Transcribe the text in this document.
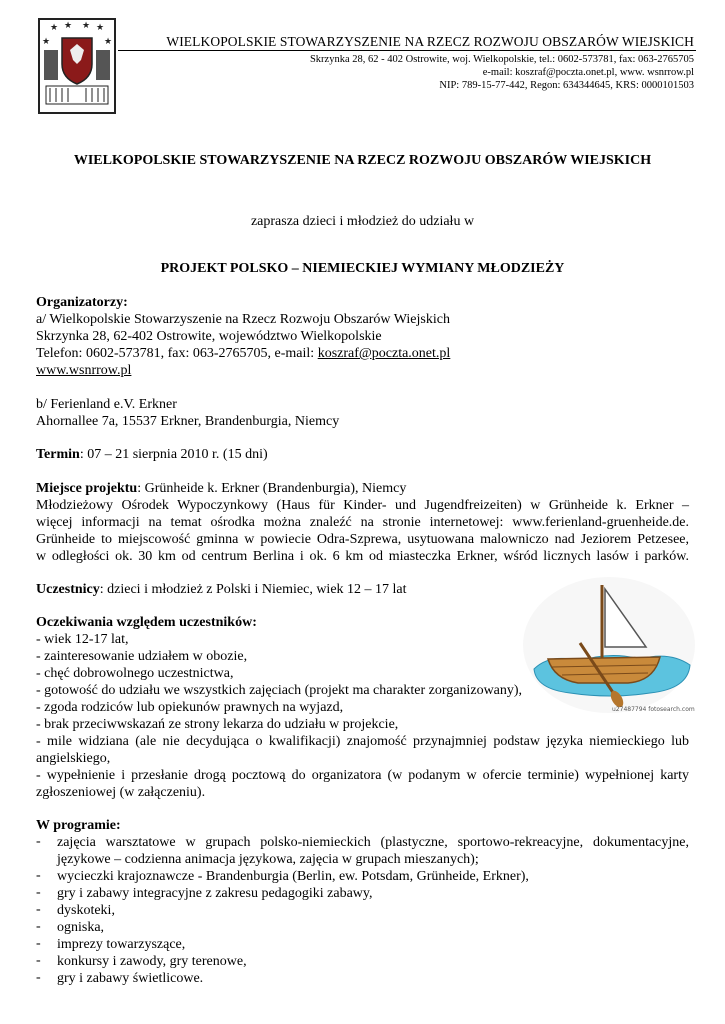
★ ★ ★ ★
★	★	WIELKOPOLSKIE STOWARZYSZENIE NA RZECZ ROZWOJU OBSZARÓW WIEJSKICH
Skrzynka 28, 62 - 402 Ostrowite, woj. Wielkopolskie, tel.: 0602-573781, fax: 063-2765705
e-mail: koszraf@poczta.onet.pl, www. wsnrrow.pl
NIP: 789-15-77-442, Regon: 634344645, KRS: 0000101503
WIELKOPOLSKIE STOWARZYSZENIE NA RZECZ ROZWOJU OBSZARÓW WIEJSKICH
zaprasza dzieci i młodzież do udziału w
PROJEKT POLSKO – NIEMIECKIEJ WYMIANY MŁODZIEŻY
Organizatorzy:
a/ Wielkopolskie Stowarzyszenie na Rzecz Rozwoju Obszarów Wiejskich
Skrzynka 28, 62-402 Ostrowite, województwo Wielkopolskie
Telefon: 0602-573781, fax: 063-2765705, e-mail: koszraf@poczta.onet.pl
www.wsnrrow.pl
b/ Ferienland e.V. Erkner
Ahornallee 7a, 15537 Erkner, Brandenburgia, Niemcy
Termin: 07 – 21 sierpnia 2010 r. (15 dni)
Miejsce projektu: Grünheide k. Erkner (Brandenburgia), Niemcy
Młodzieżowy Ośrodek Wypoczynkowy (Haus für Kinder- und Jugendfreizeiten) w Grünheide k. Erkner –
więcej informacji na temat ośrodka można znaleźć na stronie internetowej: www.ferienland-gruenheide.de.
Grünheide to miejscowość gminna w powiecie Odra-Szprewa, usytuowana malowniczo nad Jeziorem Petzesee,
w odległości ok. 30 km od centrum Berlina i ok. 6 km od miasteczka Erkner, wśród licznych lasów i parków.
Uczestnicy: dzieci i młodzież z Polski i Niemiec, wiek 12 – 17 lat
Oczekiwania względem uczestników:
- wiek 12-17 lat,
- zainteresowanie udziałem w obozie,
- chęć dobrowolnego uczestnictwa,
- gotowość do udziału we wszystkich zajęciach (projekt ma charakter zorganizowany),
- zgoda rodziców lub opiekunów prawnych na wyjazd,
- brak przeciwwskazań ze strony lekarza do udziału w projekcie,
- mile widziana (ale nie decydująca o kwalifikacji) znajomość przynajmniej podstaw języka niemieckiego lub
angielskiego,
- wypełnienie i przesłanie drogą pocztową do organizatora (w podanym w ofercie terminie) wypełnionej karty
zgłoszeniowej (w załączeniu).
u27487794 fotosearch.com
W programie:
- zajęcia warsztatowe w grupach polsko-niemieckich (plastyczne, sportowo-rekreacyjne, dokumentacyjne,
językowe – codzienna animacja językowa, zajęcia w grupach mieszanych);
- wycieczki krajoznawcze - Brandenburgia (Berlin, ew. Potsdam, Grünheide, Erkner),
- gry i zabawy integracyjne z zakresu pedagogiki zabawy,
- dyskoteki,
- ogniska,
- imprezy towarzyszące,
- konkursy i zawody, gry terenowe,
- gry i zabawy świetlicowe.
